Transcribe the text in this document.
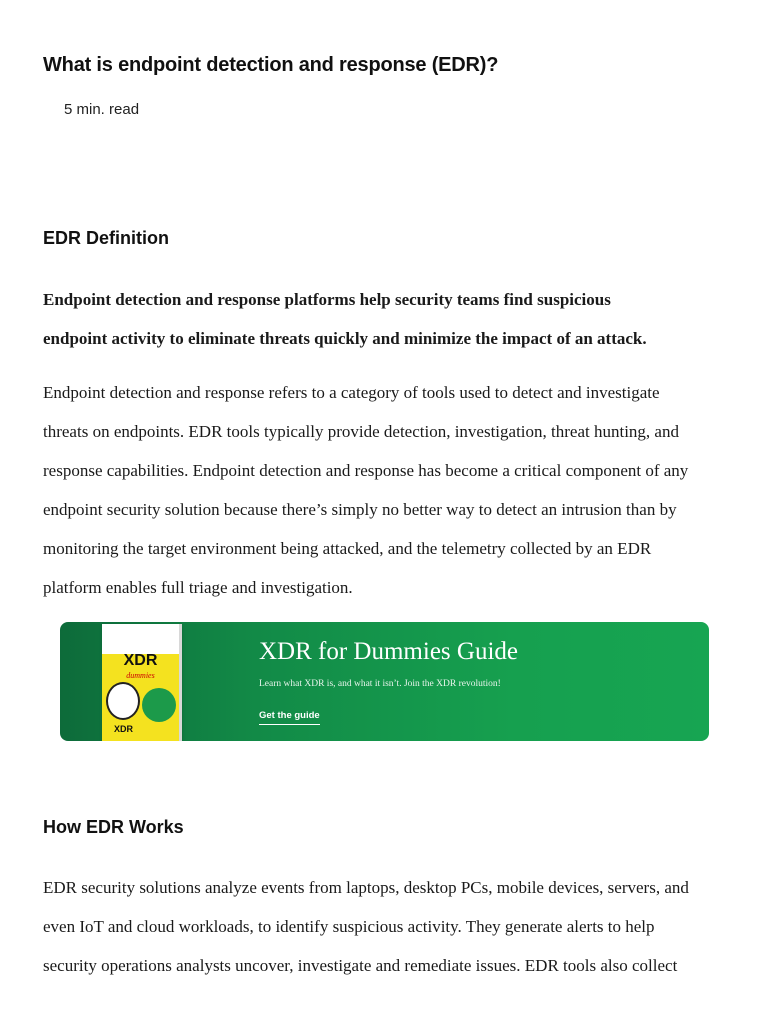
What is endpoint detection and response (EDR)?
5 min. read
EDR Definition

Endpoint detection and response platforms help security teams find suspicious
endpoint activity to eliminate threats quickly and minimize the impact of an attack.

Endpoint detection and response refers to a category of tools used to detect and investigate
threats on endpoints. EDR tools typically provide detection, investigation, threat hunting, and
response capabilities. Endpoint detection and response has become a critical component of any
endpoint security solution because there’s simply no better way to detect an intrusion than by
monitoring the target environment being attacked, and the telemetry collected by an EDR
platform enables full triage and investigation.

XDR
dummies
XDR
XDR for Dummies Guide
Learn what XDR is, and what it isn’t. Join the XDR revolution!
Get the guide
How EDR Works

EDR security solutions analyze events from laptops, desktop PCs, mobile devices, servers, and
even IoT and cloud workloads, to identify suspicious activity. They generate alerts to help
security operations analysts uncover, investigate and remediate issues. EDR tools also collect
